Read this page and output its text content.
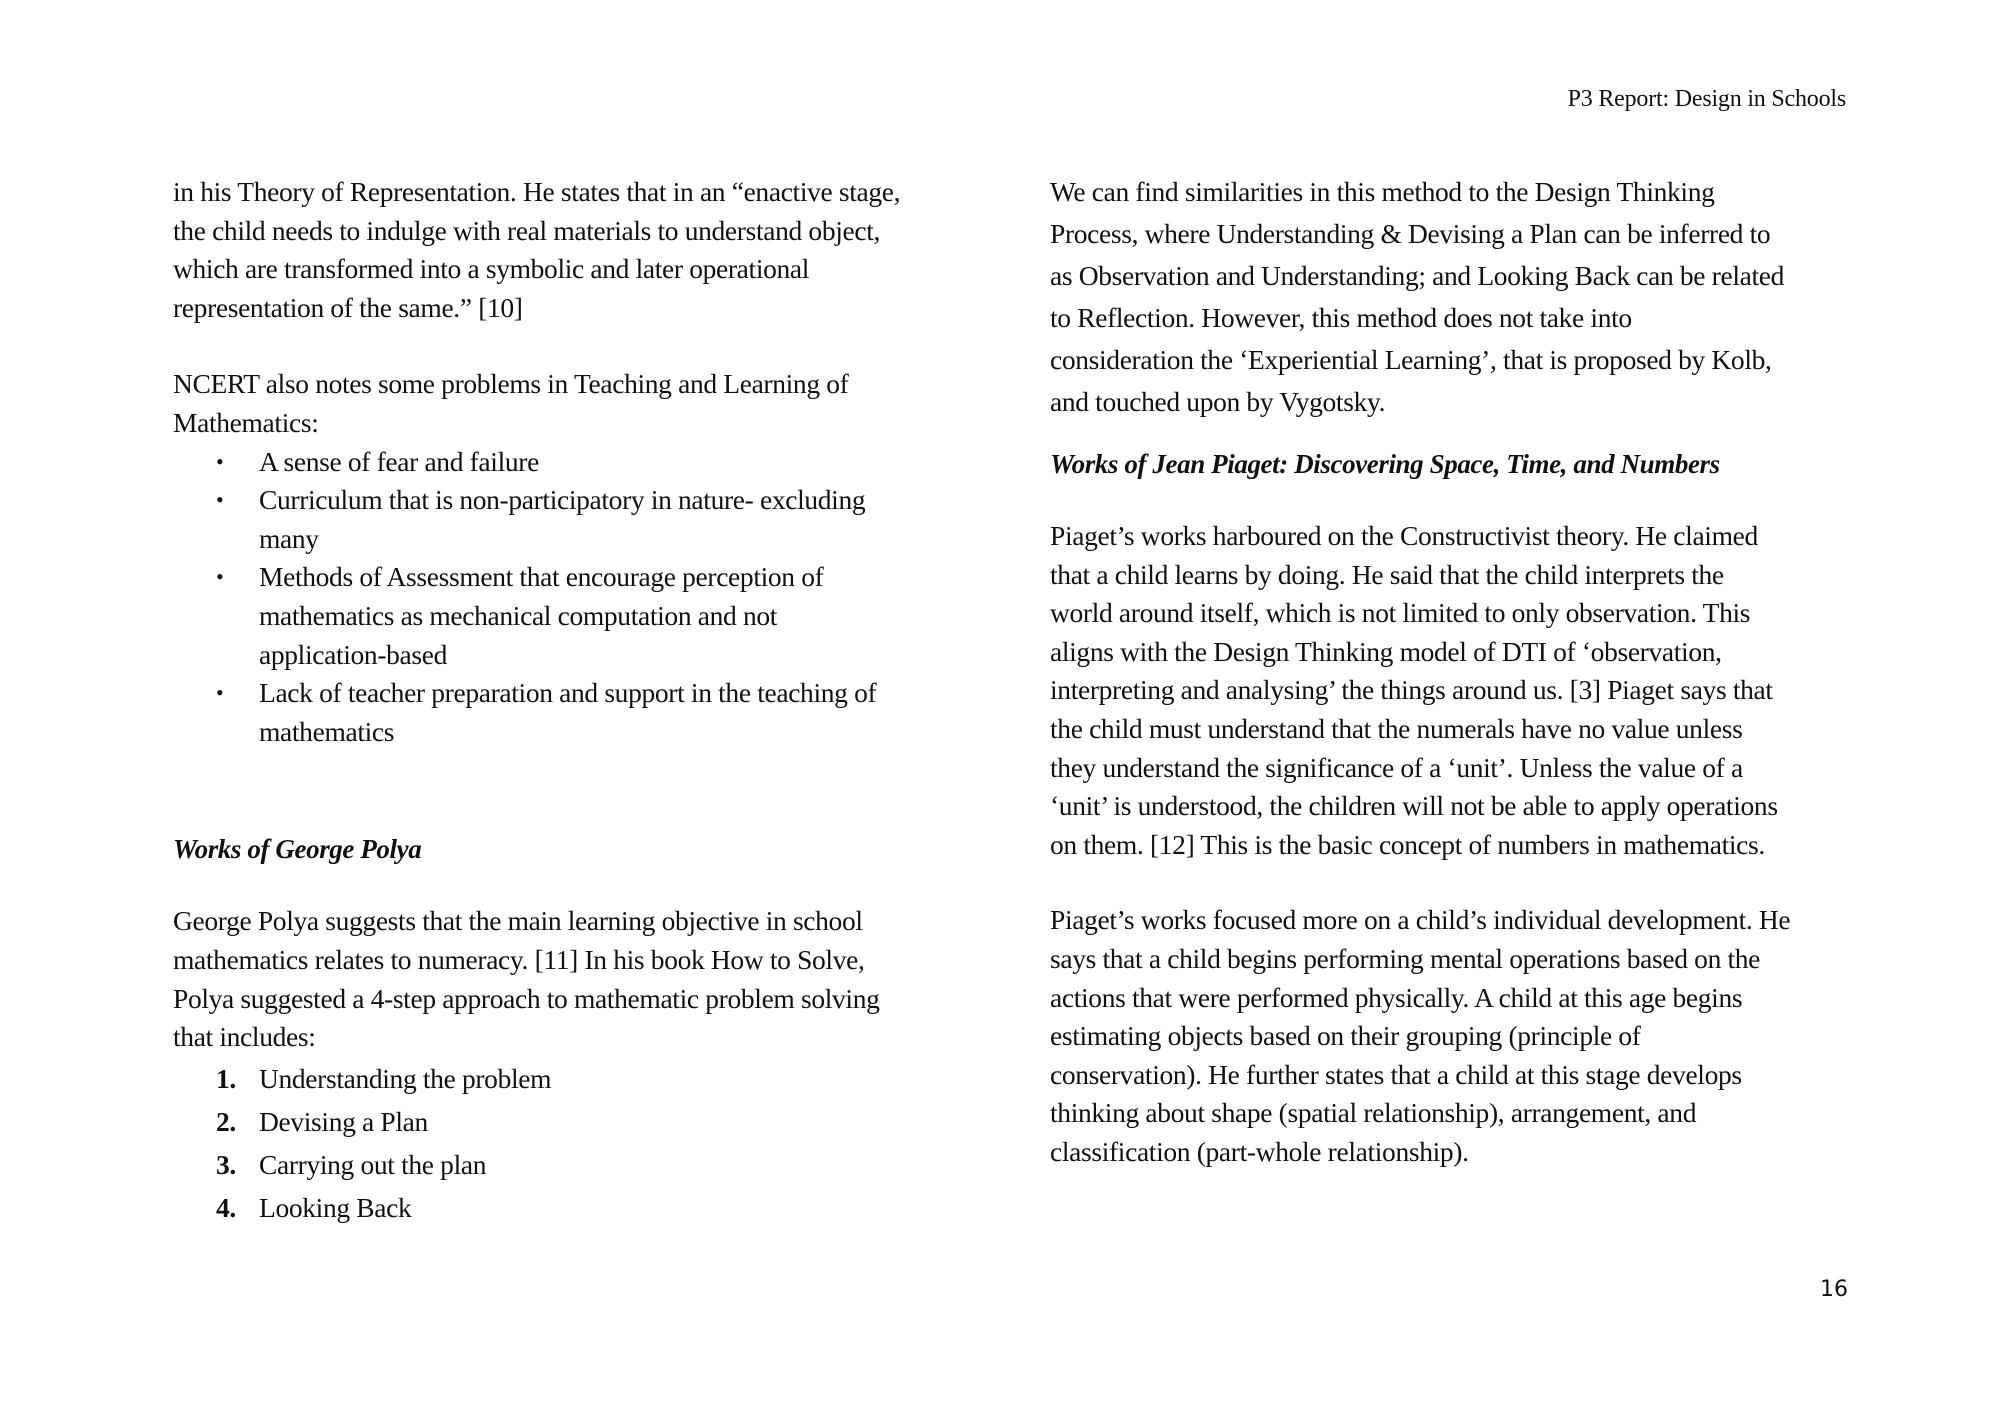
P3 Report: Design in Schools

in his Theory of Representation. He states that in an “enactive stage,
the child needs to indulge with real materials to understand object,
which are transformed into a symbolic and later operational
representation of the same.” [10]

NCERT also notes some problems in Teaching and Learning of
Mathematics:

• A sense of fear and failure
• Curriculum that is non-participatory in nature- excluding
many
• Methods of Assessment that encourage perception of
mathematics as mechanical computation and not
application-based
• Lack of teacher preparation and support in the teaching of
mathematics
Works of George Polya

George Polya suggests that the main learning objective in school
mathematics relates to numeracy. [11] In his book How to Solve,
Polya suggested a 4-step approach to mathematic problem solving
that includes:

1. Understanding the problem
2. Devising a Plan
3. Carrying out the plan
4. Looking Back

We can find similarities in this method to the Design Thinking
Process, where Understanding & Devising a Plan can be inferred to
as Observation and Understanding; and Looking Back can be related
to Reflection. However, this method does not take into
consideration the ‘Experiential Learning’, that is proposed by Kolb,
and touched upon by Vygotsky.

Works of Jean Piaget: Discovering Space, Time, and Numbers

Piaget’s works harboured on the Constructivist theory. He claimed
that a child learns by doing. He said that the child interprets the
world around itself, which is not limited to only observation. This
aligns with the Design Thinking model of DTI of ‘observation,
interpreting and analysing’ the things around us. [3] Piaget says that
the child must understand that the numerals have no value unless
they understand the significance of a ‘unit’. Unless the value of a
‘unit’ is understood, the children will not be able to apply operations
on them. [12] This is the basic concept of numbers in mathematics.

Piaget’s works focused more on a child’s individual development. He
says that a child begins performing mental operations based on the
actions that were performed physically. A child at this age begins
estimating objects based on their grouping (principle of
conservation). He further states that a child at this stage develops
thinking about shape (spatial relationship), arrangement, and
classification (part-whole relationship).

16
